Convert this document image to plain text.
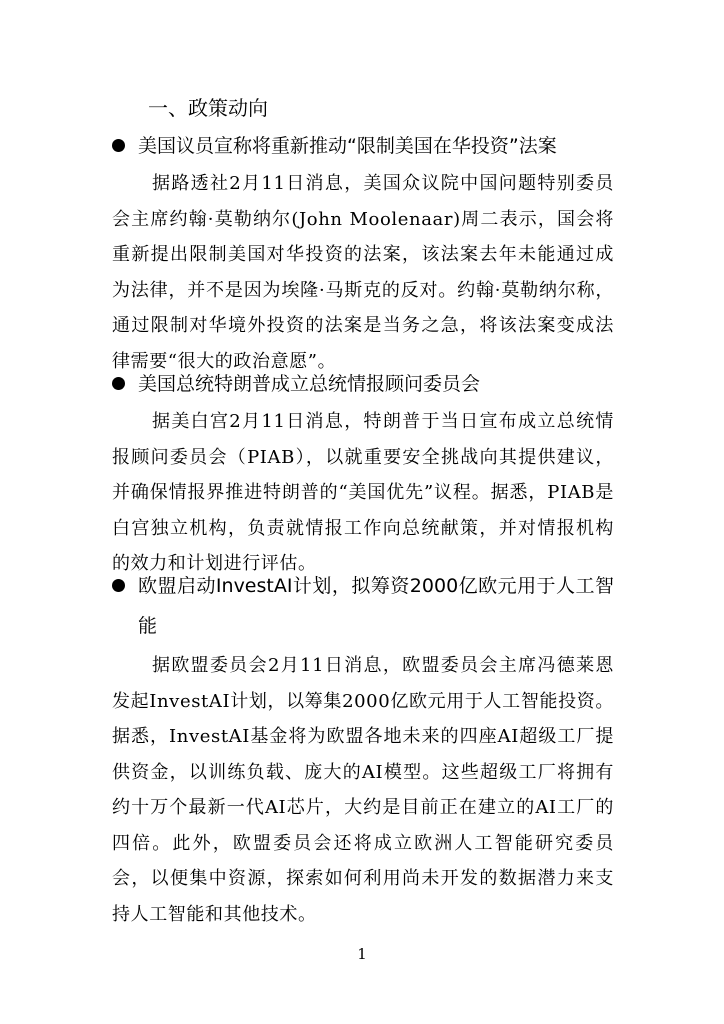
一、政策动向
美国议员宣称将重新推动“限制美国在华投资”法案

据路透社2月11日消息，美国众议院中国问题特别委员会主席约翰·莫勒纳尔(John Moolenaar)周二表示，国会将重新提出限制美国对华投资的法案，该法案去年未能通过成为法律，并不是因为埃隆·马斯克的反对。约翰·莫勒纳尔称，通过限制对华境外投资的法案是当务之急，将该法案变成法律需要“很大的政治意愿”。

美国总统特朗普成立总统情报顾问委员会

据美白宫2月11日消息，特朗普于当日宣布成立总统情报顾问委员会（PIAB），以就重要安全挑战向其提供建议，并确保情报界推进特朗普的“美国优先”议程。据悉，PIAB是白宫独立机构，负责就情报工作向总统献策，并对情报机构的效力和计划进行评估。

欧盟启动InvestAI计划，拟筹资2000亿欧元用于人工智能

据欧盟委员会2月11日消息，欧盟委员会主席冯德莱恩发起InvestAI计划，以筹集2000亿欧元用于人工智能投资。据悉，InvestAI基金将为欧盟各地未来的四座AI超级工厂提供资金，以训练负载、庞大的AI模型。这些超级工厂将拥有约十万个最新一代AI芯片，大约是目前正在建立的AI工厂的四倍。此外，欧盟委员会还将成立欧洲人工智能研究委员会，以便集中资源，探索如何利用尚未开发的数据潜力来支持人工智能和其他技术。

1
